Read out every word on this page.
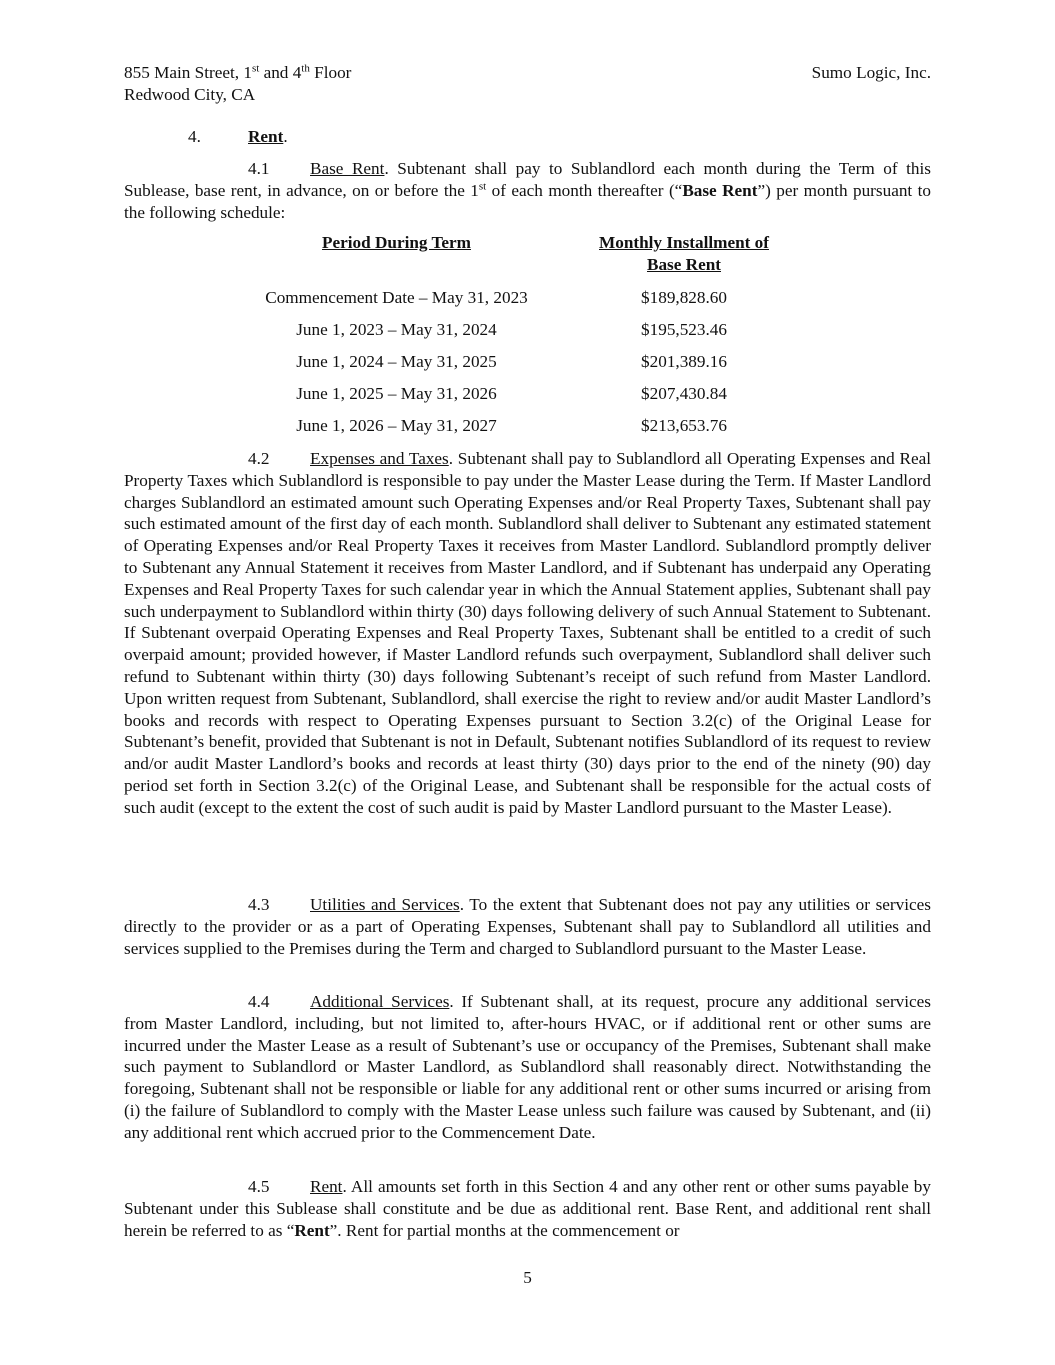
855 Main Street, 1st and 4th Floor
Redwood City, CA
Sumo Logic, Inc.
4.	Rent.
4.1 Base Rent. Subtenant shall pay to Sublandlord each month during the Term of this Sublease, base rent, in advance, on or before the 1st of each month thereafter (“Base Rent”) per month pursuant to the following schedule:
Period During Term	Monthly Installment of
Base Rent
Commencement Date – May 31, 2023	$189,828.60
June 1, 2023 – May 31, 2024	$195,523.46
June 1, 2024 – May 31, 2025	$201,389.16
June 1, 2025 – May 31, 2026	$207,430.84
June 1, 2026 – May 31, 2027	$213,653.76
4.2 Expenses and Taxes. Subtenant shall pay to Sublandlord all Operating Expenses and Real Property Taxes which Sublandlord is responsible to pay under the Master Lease during the Term. If Master Landlord charges Sublandlord an estimated amount such Operating Expenses and/or Real Property Taxes, Subtenant shall pay such estimated amount of the first day of each month. Sublandlord shall deliver to Subtenant any estimated statement of Operating Expenses and/or Real Property Taxes it receives from Master Landlord. Sublandlord promptly deliver to Subtenant any Annual Statement it receives from Master Landlord, and if Subtenant has underpaid any Operating Expenses and Real Property Taxes for such calendar year in which the Annual Statement applies, Subtenant shall pay such underpayment to Sublandlord within thirty (30) days following delivery of such Annual Statement to Subtenant. If Subtenant overpaid Operating Expenses and Real Property Taxes, Subtenant shall be entitled to a credit of such overpaid amount; provided however, if Master Landlord refunds such overpayment, Sublandlord shall deliver such refund to Subtenant within thirty (30) days following Subtenant’s receipt of such refund from Master Landlord. Upon written request from Subtenant, Sublandlord, shall exercise the right to review and/or audit Master Landlord’s books and records with respect to Operating Expenses pursuant to Section 3.2(c) of the Original Lease for Subtenant’s benefit, provided that Subtenant is not in Default, Subtenant notifies Sublandlord of its request to review and/or audit Master Landlord’s books and records at least thirty (30) days prior to the end of the ninety (90) day period set forth in Section 3.2(c) of the Original Lease, and Subtenant shall be responsible for the actual costs of such audit (except to the extent the cost of such audit is paid by Master Landlord pursuant to the Master Lease).
4.3 Utilities and Services. To the extent that Subtenant does not pay any utilities or services directly to the provider or as a part of Operating Expenses, Subtenant shall pay to Sublandlord all utilities and services supplied to the Premises during the Term and charged to Sublandlord pursuant to the Master Lease.
4.4 Additional Services. If Subtenant shall, at its request, procure any additional services from Master Landlord, including, but not limited to, after-hours HVAC, or if additional rent or other sums are incurred under the Master Lease as a result of Subtenant’s use or occupancy of the Premises, Subtenant shall make such payment to Sublandlord or Master Landlord, as Sublandlord shall reasonably direct. Notwithstanding the foregoing, Subtenant shall not be responsible or liable for any additional rent or other sums incurred or arising from (i) the failure of Sublandlord to comply with the Master Lease unless such failure was caused by Subtenant, and (ii) any additional rent which accrued prior to the Commencement Date.
4.5 Rent. All amounts set forth in this Section 4 and any other rent or other sums payable by Subtenant under this Sublease shall constitute and be due as additional rent. Base Rent, and additional rent shall herein be referred to as “Rent”. Rent for partial months at the commencement or
5
